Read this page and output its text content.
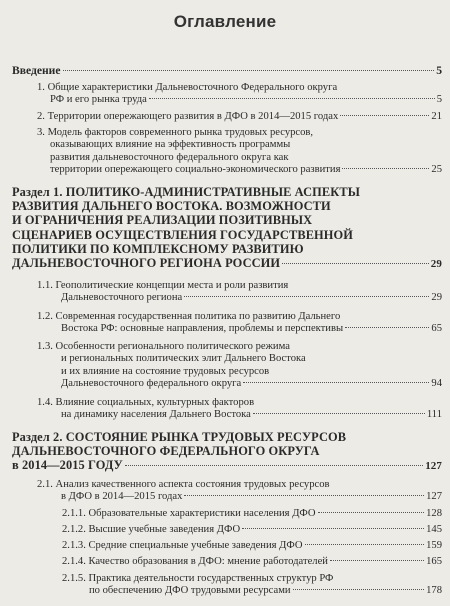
Оглавление
Введение	5
1. Общие характеристики Дальневосточного Федерального округа
РФ и его рынка труда	5
2. Территории опережающего развития в ДФО в 2014—2015 годах	21
3. Модель факторов современного рынка трудовых ресурсов,
оказывающих влияние на эффективность программы
развития дальневосточного федерального округа как
территории опережающего социально-экономического развития	25
Раздел 1. ПОЛИТИКО-АДМИНИСТРАТИВНЫЕ АСПЕКТЫ
РАЗВИТИЯ ДАЛЬНЕГО ВОСТОКА. ВОЗМОЖНОСТИ
И ОГРАНИЧЕНИЯ РЕАЛИЗАЦИИ ПОЗИТИВНЫХ
СЦЕНАРИЕВ ОСУЩЕСТВЛЕНИЯ ГОСУДАРСТВЕННОЙ
ПОЛИТИКИ ПО КОМПЛЕКСНОМУ РАЗВИТИЮ
ДАЛЬНЕВОСТОЧНОГО РЕГИОНА РОССИИ	29
1.1. Геополитические концепции места и роли развития
Дальневосточного региона	29
1.2. Современная государственная политика по развитию Дальнего
Востока РФ: основные направления, проблемы и перспективы	65
1.3. Особенности регионального политического режима
и региональных политических элит Дальнего Востока
и их влияние на состояние трудовых ресурсов
Дальневосточного федерального округа	94
1.4. Влияние социальных, культурных факторов
на динамику населения Дальнего Востока	111
Раздел 2. СОСТОЯНИЕ РЫНКА ТРУДОВЫХ РЕСУРСОВ
ДАЛЬНЕВОСТОЧНОГО ФЕДЕРАЛЬНОГО ОКРУГА
в 2014—2015 ГОДУ	127
2.1. Анализ качественного аспекта состояния трудовых ресурсов
в ДФО в 2014—2015 годах	127
2.1.1. Образовательные характеристики населения ДФО	128
2.1.2. Высшие учебные заведения ДФО	145
2.1.3. Средние специальные учебные заведения ДФО	159
2.1.4. Качество образования в ДФО: мнение работодателей	165
2.1.5. Практика деятельности государственных структур РФ
по обеспечению ДФО трудовыми ресурсами	178
